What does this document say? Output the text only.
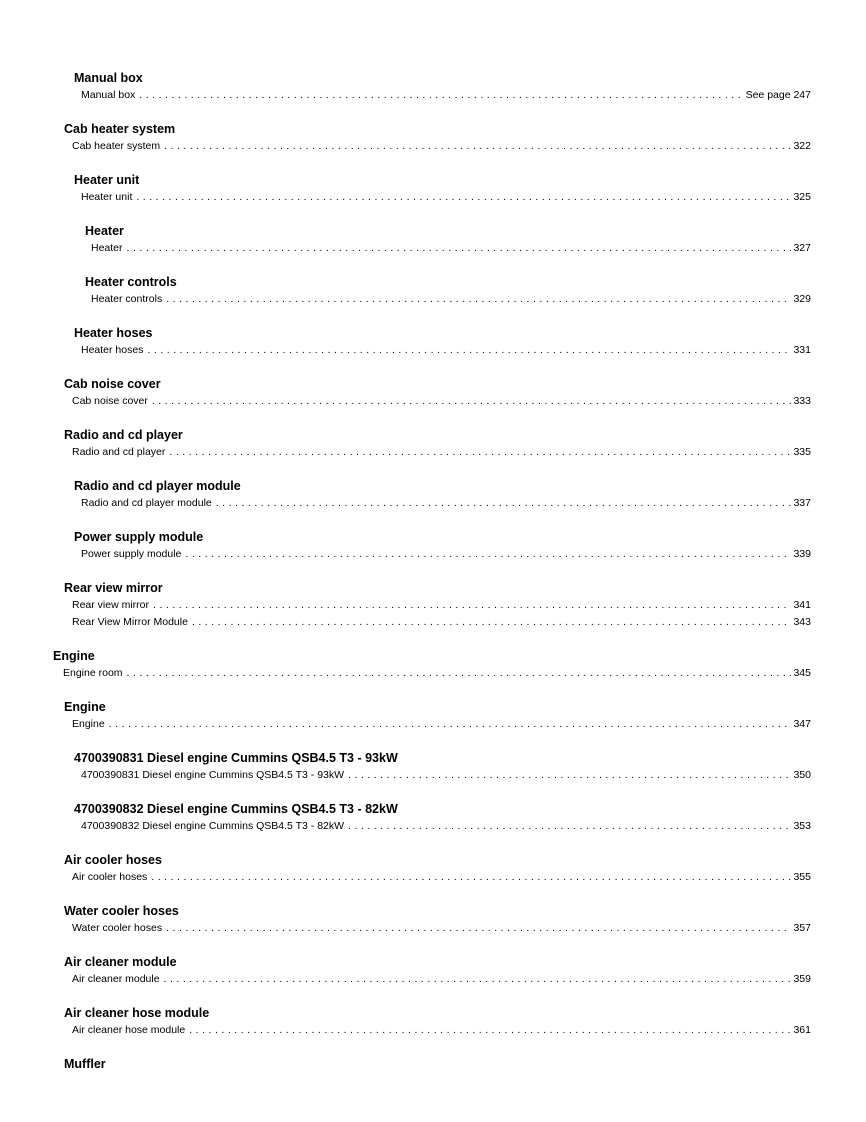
Manual box
Manual box . . .	See page 247
Cab heater system
Cab heater system . . .	322
Heater unit
Heater unit . . .	325
Heater
Heater . . .	327
Heater controls
Heater controls . . .	329
Heater hoses
Heater hoses . . .	331
Cab noise cover
Cab noise cover . . .	333
Radio and cd player
Radio and cd player . . .	335
Radio and cd player module
Radio and cd player module . . .	337
Power supply module
Power supply module . . .	339
Rear view mirror
Rear view mirror . . .	341
Rear View Mirror Module . . .	343
Engine
Engine room . . .	345
Engine
Engine . . .	347
4700390831 Diesel engine Cummins QSB4.5 T3 - 93kW
4700390831 Diesel engine Cummins QSB4.5 T3 - 93kW . . .	350
4700390832 Diesel engine Cummins QSB4.5 T3 - 82kW
4700390832 Diesel engine Cummins QSB4.5 T3 - 82kW . . .	353
Air cooler hoses
Air cooler hoses . . .	355
Water cooler hoses
Water cooler hoses . . .	357
Air cleaner module
Air cleaner module . . .	359
Air cleaner hose module
Air cleaner hose module . . .	361
Muffler
